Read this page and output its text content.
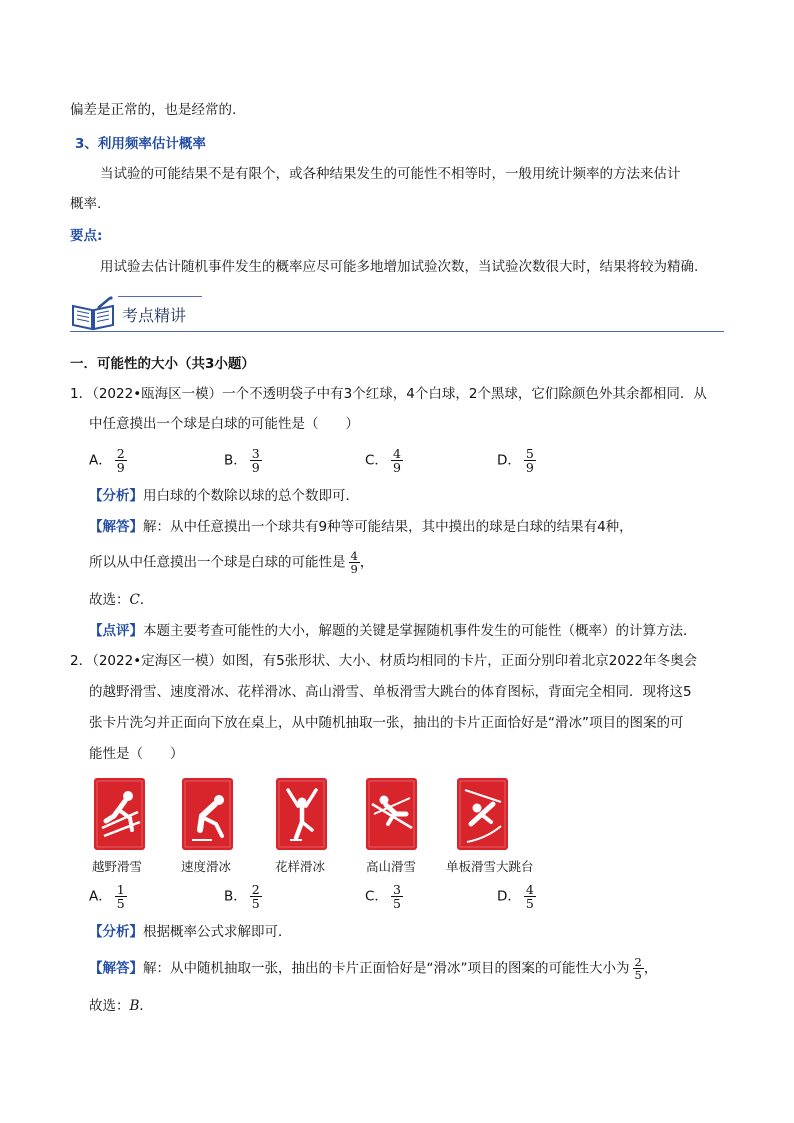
偏差是正常的，也是经常的.
3、利用频率估计概率
当试验的可能结果不是有限个，或各种结果发生的可能性不相等时，一般用统计频率的方法来估计
概率.
要点:
用试验去估计随机事件发生的概率应尽可能多地增加试验次数，当试验次数很大时，结果将较为精确.
考点精讲
一．可能性的大小（共3小题）
1．（2022•瓯海区一模）一个不透明袋子中有3个红球，4个白球，2个黑球，它们除颜色外其余都相同．从
中任意摸出一个球是白球的可能性是（　　）
A． $\frac{2}{9}$	B． $\frac{3}{9}$	C． $\frac{4}{9}$	D． $\frac{5}{9}$
【分析】用白球的个数除以球的总个数即可．
【解答】解：从中任意摸出一个球共有9种等可能结果，其中摸出的球是白球的结果有4种，
所以从中任意摸出一个球是白球的可能性是 $\frac{4}{9}$ ，
故选：C．
【点评】本题主要考查可能性的大小，解题的关键是掌握随机事件发生的可能性（概率）的计算方法．
2．（2022•定海区一模）如图，有5张形状、大小、材质均相同的卡片，正面分别印着北京2022年冬奥会
的越野滑雪、速度滑冰、花样滑冰、高山滑雪、单板滑雪大跳台的体育图标，背面完全相同．现将这5
张卡片洗匀并正面向下放在桌上，从中随机抽取一张，抽出的卡片正面恰好是“滑冰”项目的图案的可
能性是（　　）
越野滑雪	速度滑冰	花样滑冰	高山滑雪 单板滑雪大跳台
A． $\frac{1}{5}$	B． $\frac{2}{5}$	C． $\frac{3}{5}$	D． $\frac{4}{5}$
【分析】根据概率公式求解即可．
【解答】解：从中随机抽取一张，抽出的卡片正面恰好是“滑冰”项目的图案的可能性大小为 $\frac{2}{5}$ ，
故选：B．
